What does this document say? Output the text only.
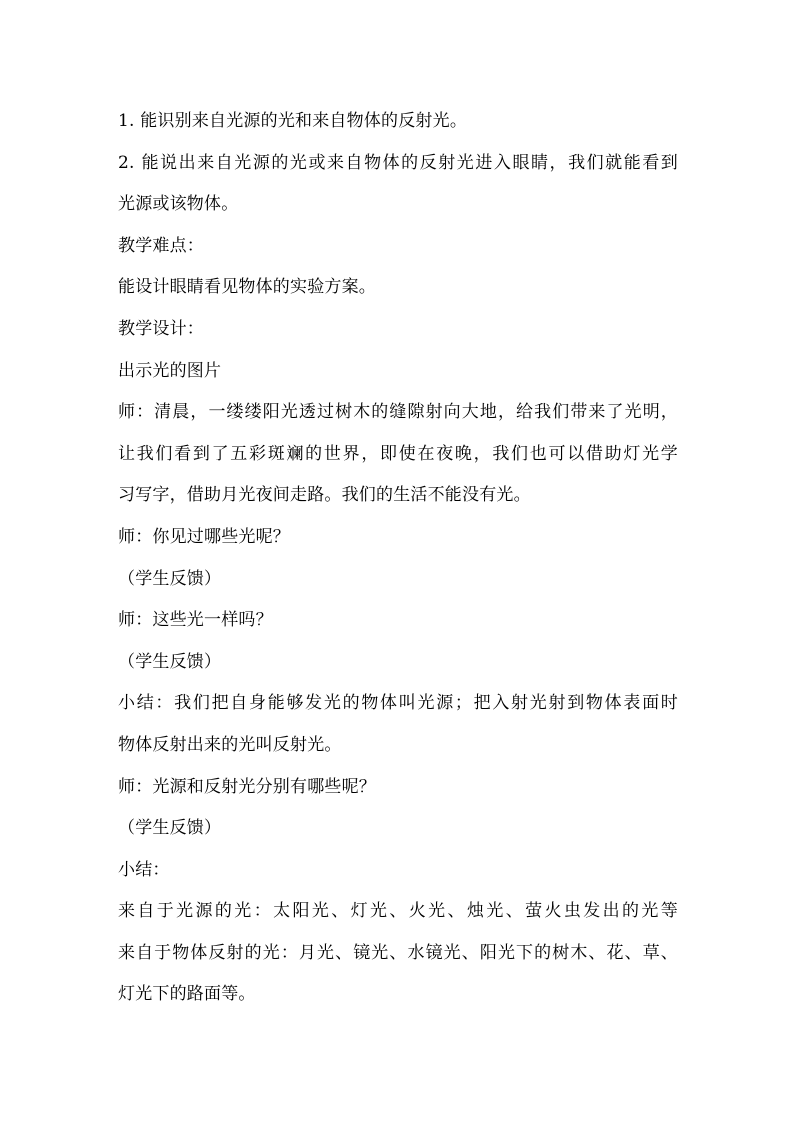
1. 能识别来自光源的光和来自物体的反射光。
2. 能说出来自光源的光或来自物体的反射光进入眼睛，我们就能看到
光源或该物体。
教学难点：
能设计眼睛看见物体的实验方案。
教学设计：
出示光的图片
师：清晨，一缕缕阳光透过树木的缝隙射向大地，给我们带来了光明，
让我们看到了五彩斑斓的世界，即使在夜晚，我们也可以借助灯光学
习写字，借助月光夜间走路。我们的生活不能没有光。
师：你见过哪些光呢？
（学生反馈）
师：这些光一样吗？
（学生反馈）
小结：我们把自身能够发光的物体叫光源；把入射光射到物体表面时
物体反射出来的光叫反射光。
师：光源和反射光分别有哪些呢？
（学生反馈）
小结：
来自于光源的光：太阳光、灯光、火光、烛光、萤火虫发出的光等
来自于物体反射的光：月光、镜光、水镜光、阳光下的树木、花、草、
灯光下的路面等。
